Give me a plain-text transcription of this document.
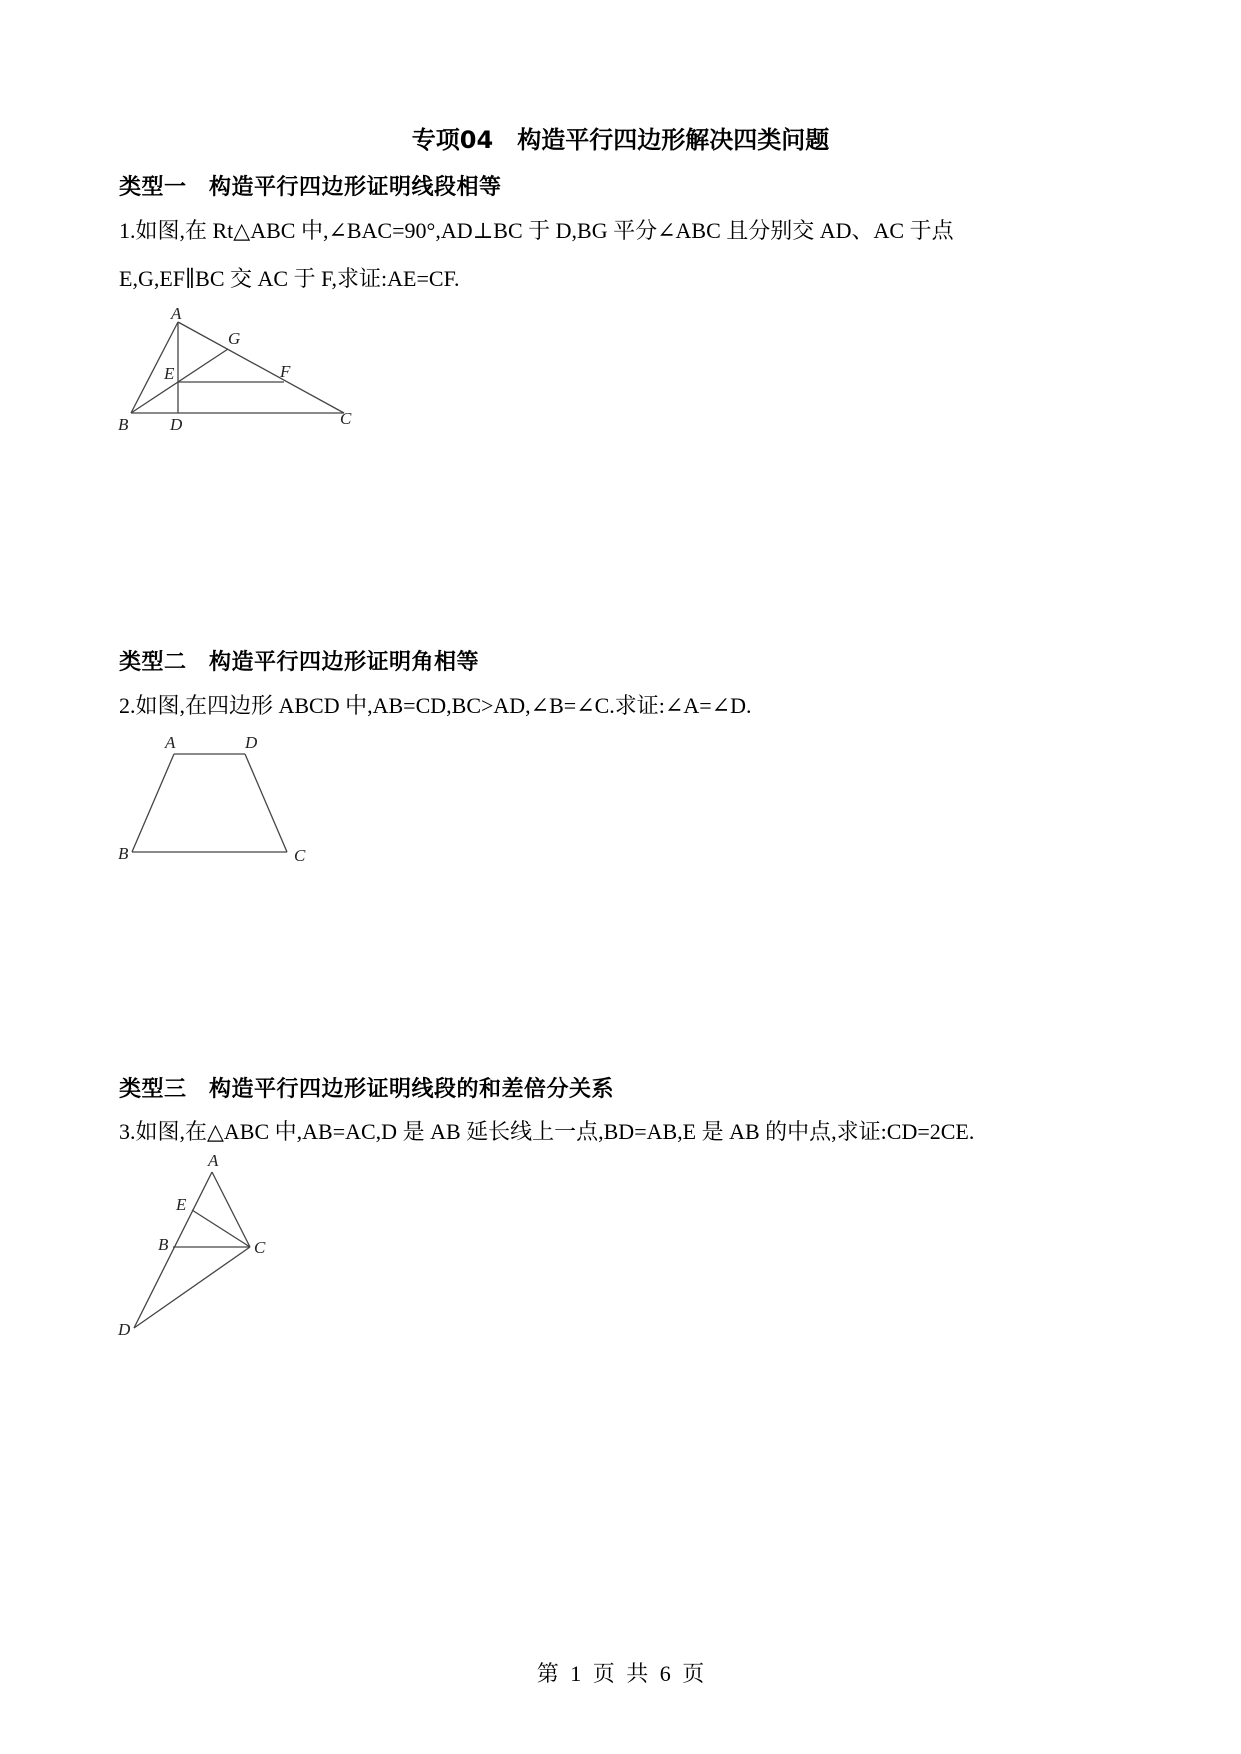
专项04　构造平行四边形解决四类问题
类型一　构造平行四边形证明线段相等
1.如图,在 Rt△ABC 中,∠BAC=90°,AD⊥BC 于 D,BG 平分∠ABC 且分别交 AD、AC 于点
E,G,EF∥BC 交 AC 于 F,求证:AE=CF.
A
G
E	F
B D	C
类型二　构造平行四边形证明角相等
2.如图,在四边形 ABCD 中,AB=CD,BC>AD,∠B=∠C.求证:∠A=∠D.
A	D
B	C
类型三　构造平行四边形证明线段的和差倍分关系
3.如图,在△ABC 中,AB=AC,D 是 AB 延长线上一点,BD=AB,E 是 AB 的中点,求证:CD=2CE.
A
E
B	C
D
第 1 页 共 6 页
